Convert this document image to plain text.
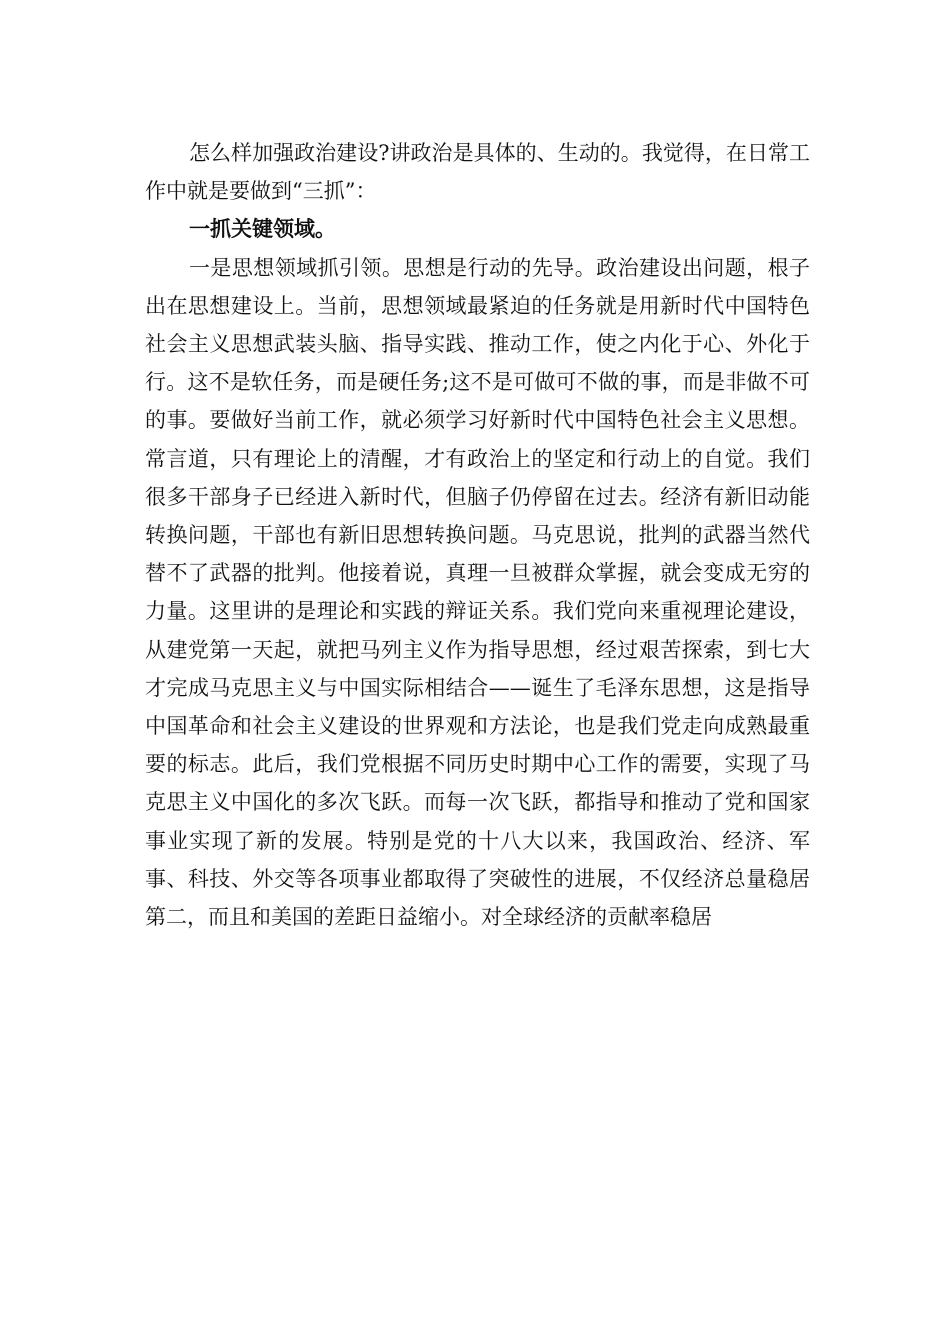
怎么样加强政治建设?讲政治是具体的、生动的。我觉得，在日常工作中就是要做到“三抓”：

一抓关键领域。

一是思想领域抓引领。思想是行动的先导。政治建设出问题，根子出在思想建设上。当前，思想领域最紧迫的任务就是用新时代中国特色社会主义思想武装头脑、指导实践、推动工作，使之内化于心、外化于行。这不是软任务，而是硬任务;这不是可做可不做的事，而是非做不可的事。要做好当前工作，就必须学习好新时代中国特色社会主义思想。常言道，只有理论上的清醒，才有政治上的坚定和行动上的自觉。我们很多干部身子已经进入新时代，但脑子仍停留在过去。经济有新旧动能转换问题，干部也有新旧思想转换问题。马克思说，批判的武器当然代替不了武器的批判。他接着说，真理一旦被群众掌握，就会变成无穷的力量。这里讲的是理论和实践的辩证关系。我们党向来重视理论建设，从建党第一天起，就把马列主义作为指导思想，经过艰苦探索，到七大才完成马克思主义与中国实际相结合——诞生了毛泽东思想，这是指导中国革命和社会主义建设的世界观和方法论，也是我们党走向成熟最重要的标志。此后，我们党根据不同历史时期中心工作的需要，实现了马克思主义中国化的多次飞跃。而每一次飞跃，都指导和推动了党和国家事业实现了新的发展。特别是党的十八大以来，我国政治、经济、军事、科技、外交等各项事业都取得了突破性的进展，不仅经济总量稳居第二，而且和美国的差距日益缩小。对全球经济的贡献率稳居
